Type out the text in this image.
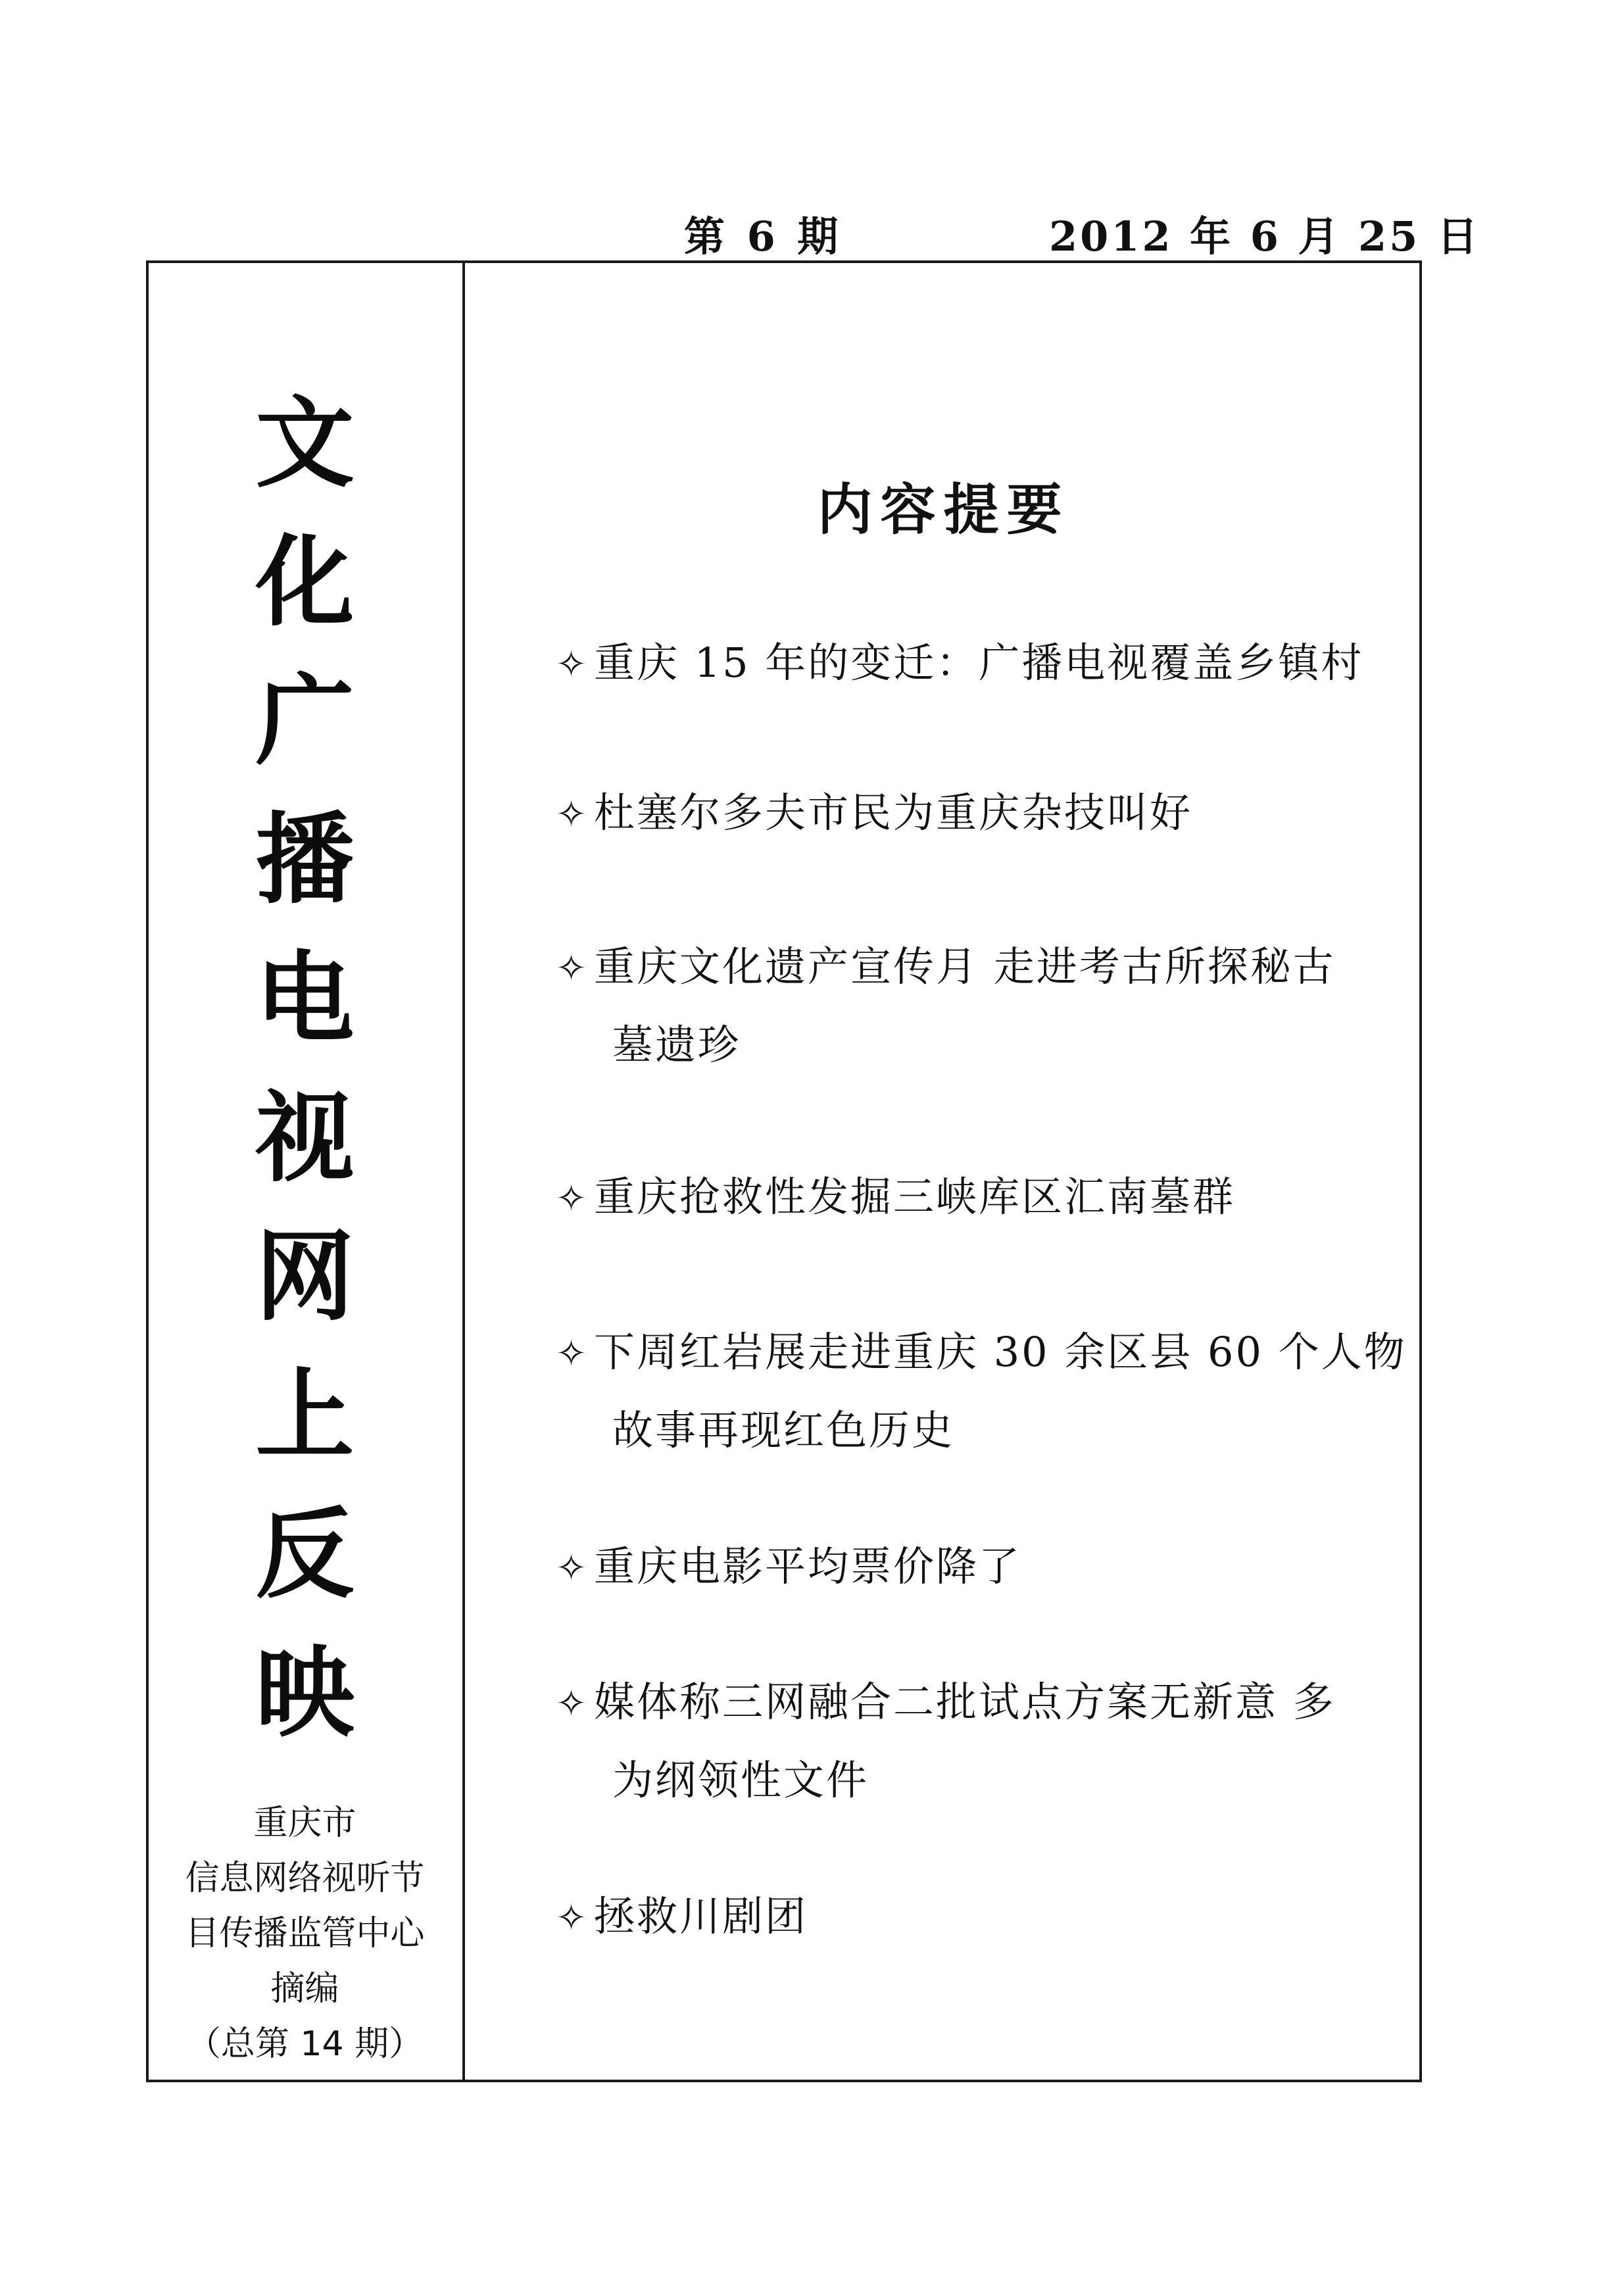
第 6 期	2012 年 6 月 25 日
文
化
广
播
电
视
网
上
反
映
重庆市
信息网络视听节
目传播监管中心
摘编
（总第 14 期）
内容提要
✧ 重庆 15 年的变迁：广播电视覆盖乡镇村
✧ 杜塞尔多夫市民为重庆杂技叫好
✧ 重庆文化遗产宣传月 走进考古所探秘古
墓遗珍
✧ 重庆抢救性发掘三峡库区汇南墓群
✧ 下周红岩展走进重庆 30 余区县 60 个人物
故事再现红色历史
✧ 重庆电影平均票价降了
✧ 媒体称三网融合二批试点方案无新意 多
为纲领性文件
✧ 拯救川剧团
